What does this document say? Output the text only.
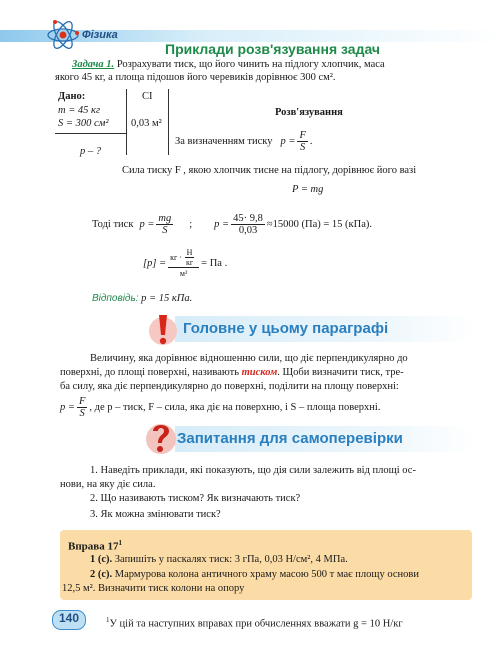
Фізика
Приклади розв'язування задач
Задача 1. Розрахувати тиск, що його чинить на підлогу хлопчик, маса
якого 45 кг, а площа підошов його черевиків дорівнює 300 см².
Дано:	СІ
m = 45 кг
S = 300 см² 0,03 м²
p – ?
Розв'язування
За визначенням тиску $p = \frac{F}{S}$ .
Сила тиску F , якою хлопчик тисне на підлогу, дорівнює його вазі
P = mg
Тоді тиск $p = \frac{mg}{S}$ ; $p = \frac{45\cdot 9,8}{0,03} \approx 15000$ (Па) = 15 (кПа).
$[p] = \frac{кг \cdot \frac{Н}{кг}}{\text{м²}}$ = Па .
Відповідь: p = 15 кПа.
Головне у цьому параграфі
Величину, яка дорівнює відношенню сили, що діє перпендикулярно до
поверхні, до площі поверхні, називають тиском. Щоби визначити тиск, тре-
ба силу, яка діє перпендикулярно до поверхні, поділити на площу поверхні:
$p = \frac{F}{S}$ , де p – тиск, F – сила, яка діє на поверхню, і S – площа поверхні.
Запитання для самоперевірки
1. Наведіть приклади, які показують, що дія сили залежить від площі ос-
нови, на яку діє сила.
2. Що називають тиском? Як визначають тиск?
3. Як можна змінювати тиск?
Вправа $17^1$
1 (с). Запишіть у паскалях тиск: 3 гПа, 0,03 Н/см², 4 МПа.
2 (с). Мармурова колона античного храму масою 500 т має площу основи
12,5 м². Визначити тиск колони на опору
140	$^1$У цій та наступних вправах при обчисленнях вважати g = 10 Н/кг
